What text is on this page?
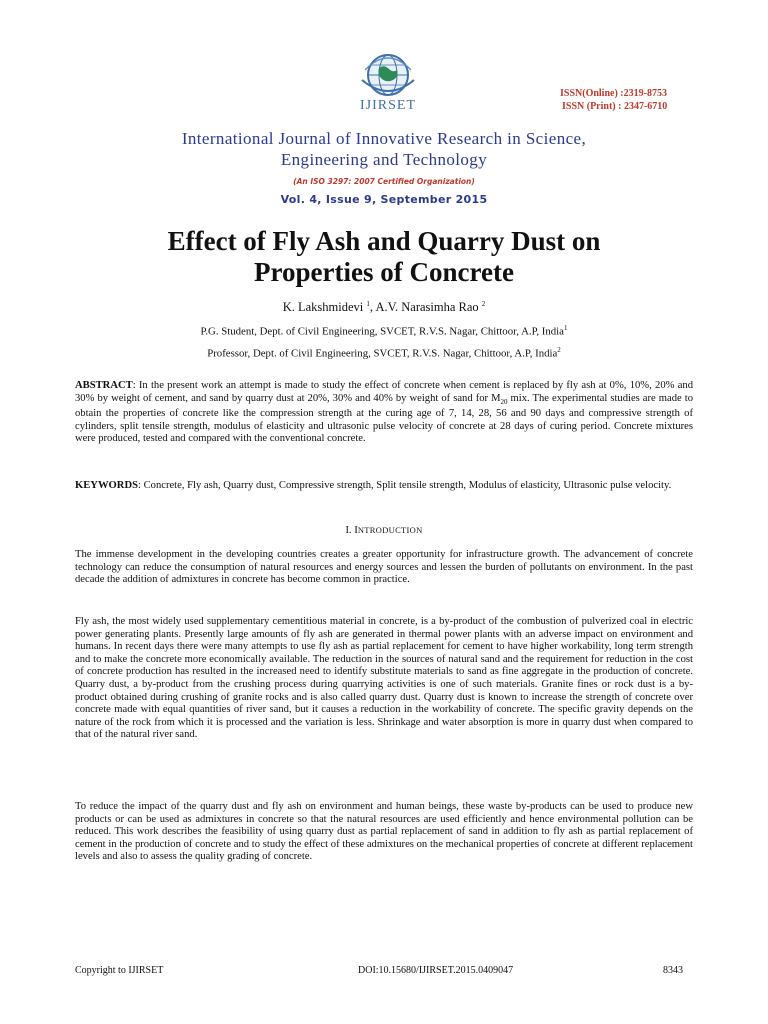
IJIRSET
ISSN(Online) :2319-8753
ISSN (Print) : 2347-6710
International Journal of Innovative Research in Science,
Engineering and Technology
(An ISO 3297: 2007 Certified Organization)
Vol. 4, Issue 9, September 2015
Effect of Fly Ash and Quarry Dust on
Properties of Concrete
K. Lakshmidevi $^1$, A.V. Narasimha Rao $^2$
P.G. Student, Dept. of Civil Engineering, SVCET, R.V.S. Nagar, Chittoor, A.P, India$^1$
Professor, Dept. of Civil Engineering, SVCET, R.V.S. Nagar, Chittoor, A.P, India$^2$
ABSTRACT: In the present work an attempt is made to study the effect of concrete when cement is replaced by fly ash at 0%, 10%, 20% and 30% by weight of cement, and sand by quarry dust at 20%, 30% and 40% by weight of sand for $M_{20}$ mix. The experimental studies are made to obtain the properties of concrete like the compression strength at the curing age of 7, 14, 28, 56 and 90 days and compressive strength of cylinders, split tensile strength, modulus of elasticity and ultrasonic pulse velocity of concrete at 28 days of curing period. Concrete mixtures were produced, tested and compared with the conventional concrete.
KEYWORDS: Concrete, Fly ash, Quarry dust, Compressive strength, Split tensile strength, Modulus of elasticity, Ultrasonic pulse velocity.
I. INTRODUCTION
The immense development in the developing countries creates a greater opportunity for infrastructure growth. The advancement of concrete technology can reduce the consumption of natural resources and energy sources and lessen the burden of pollutants on environment. In the past decade the addition of admixtures in concrete has become common in practice.
Fly ash, the most widely used supplementary cementitious material in concrete, is a by-product of the combustion of pulverized coal in electric power generating plants. Presently large amounts of fly ash are generated in thermal power plants with an adverse impact on environment and humans. In recent days there were many attempts to use fly ash as partial replacement for cement to have higher workability, long term strength and to make the concrete more economically available. The reduction in the sources of natural sand and the requirement for reduction in the cost of concrete production has resulted in the increased need to identify substitute materials to sand as fine aggregate in the production of concrete. Quarry dust, a by-product from the crushing process during quarrying activities is one of such materials. Granite fines or rock dust is a by-product obtained during crushing of granite rocks and is also called quarry dust. Quarry dust is known to increase the strength of concrete over concrete made with equal quantities of river sand, but it causes a reduction in the workability of concrete. The specific gravity depends on the nature of the rock from which it is processed and the variation is less. Shrinkage and water absorption is more in quarry dust when compared to that of the natural river sand.
To reduce the impact of the quarry dust and fly ash on environment and human beings, these waste by-products can be used to produce new products or can be used as admixtures in concrete so that the natural resources are used efficiently and hence environmental pollution can be reduced. This work describes the feasibility of using quarry dust as partial replacement of sand in addition to fly ash as partial replacement of cement in the production of concrete and to study the effect of these admixtures on the mechanical properties of concrete at different replacement levels and also to assess the quality grading of concrete.
Copyright to IJIRSET	DOI:10.15680/IJIRSET.2015.0409047	8343
